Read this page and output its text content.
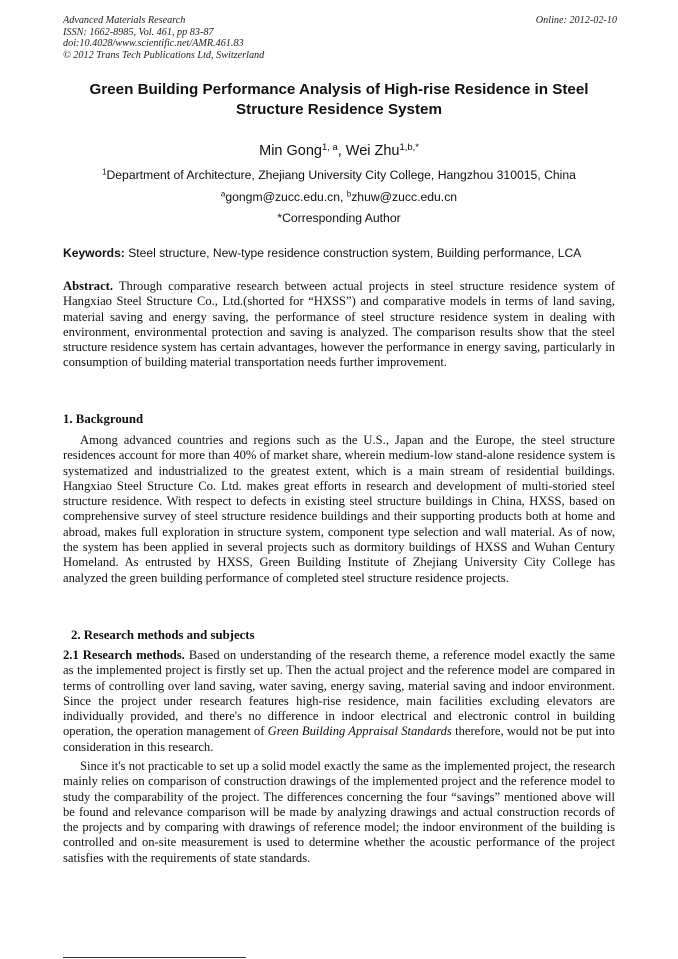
Advanced Materials Research
ISSN: 1662-8985, Vol. 461, pp 83-87
doi:10.4028/www.scientific.net/AMR.461.83
© 2012 Trans Tech Publications Ltd, Switzerland
Online: 2012-02-10
Green Building Performance Analysis of High-rise Residence in Steel Structure Residence System
Min Gong$^{1, a}$, Wei Zhu$^{1,b,*}$
$^1$Department of Architecture, Zhejiang University City College, Hangzhou 310015, China
$^a$gongm@zucc.edu.cn, $^b$zhuw@zucc.edu.cn
*Corresponding Author
Keywords: Steel structure, New-type residence construction system, Building performance, LCA

Abstract. Through comparative research between actual projects in steel structure residence system of Hangxiao Steel Structure Co., Ltd.(shorted for “HXSS”) and comparative models in terms of land saving, material saving and energy saving, the performance of steel structure residence system in dealing with environment, environmental protection and saving is analyzed. The comparison results show that the steel structure residence system has certain advantages, however the performance in energy saving, particularly in consumption of building material transportation needs further improvement.

1. Background

Among advanced countries and regions such as the U.S., Japan and the Europe, the steel structure residences account for more than 40% of market share, wherein medium-low stand-alone residence system is systematized and industrialized to the greatest extent, which is a main stream of residential buildings. Hangxiao Steel Structure Co. Ltd. makes great efforts in research and development of multi-storied steel structure residence. With respect to defects in existing steel structure buildings in China, HXSS, based on comprehensive survey of steel structure residence buildings and their supporting products both at home and abroad, makes full exploration in structure system, component type selection and wall material. As of now, the system has been applied in several projects such as dormitory buildings of HXSS and Wuhan Century Homeland. As entrusted by HXSS, Green Building Institute of Zhejiang University City College has analyzed the green building performance of completed steel structure residence projects.

2. Research methods and subjects

2.1 Research methods. Based on understanding of the research theme, a reference model exactly the same as the implemented project is firstly set up. Then the actual project and the reference model are compared in terms of controlling over land saving, water saving, energy saving, material saving and indoor environment. Since the project under research features high-rise residence, main facilities excluding elevators are individually provided, and there's no difference in indoor electrical and electronic control in building operation, the operation management of Green Building Appraisal Standards therefore, would not be put into consideration in this research.

Since it's not practicable to set up a solid model exactly the same as the implemented project, the research mainly relies on comparison of construction drawings of the implemented project and the reference model to study the comparability of the project. The differences concerning the four “savings” mentioned above will be found and relevance comparison will be made by analyzing drawings and actual construction records of the projects and by comparing with drawings of reference model; the indoor environment of the building is controlled and on-site measurement is used to determine whether the acoustic performance of the project satisfies with the requirements of state standards.
